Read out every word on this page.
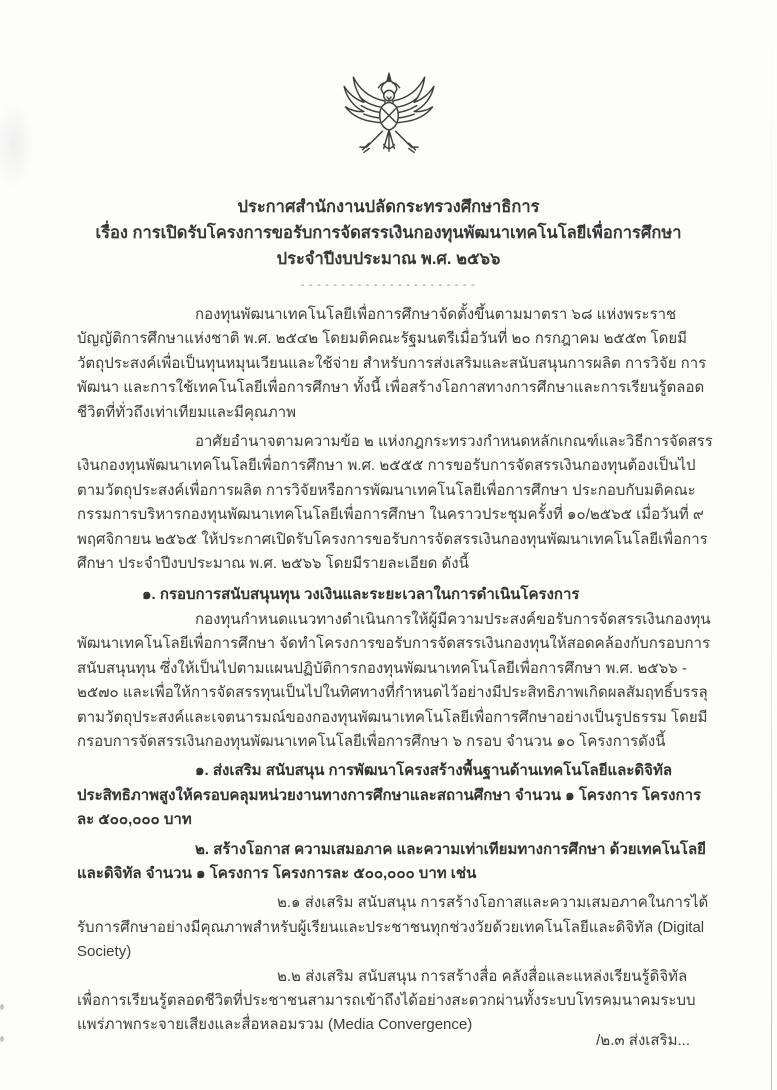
ประกาศสำนักงานปลัดกระทรวงศึกษาธิการ
เรื่อง การเปิดรับโครงการขอรับการจัดสรรเงินกองทุนพัฒนาเทคโนโลยีเพื่อการศึกษา
ประจำปีงบประมาณ พ.ศ. ๒๕๖๖
----------------------

กองทุนพัฒนาเทคโนโลยีเพื่อการศึกษาจัดตั้งขึ้นตามมาตรา ๖๘ แห่งพระราชบัญญัติการศึกษาแห่งชาติ พ.ศ. ๒๕๔๒ โดยมติคณะรัฐมนตรีเมื่อวันที่ ๒๐ กรกฎาคม ๒๕๕๓ โดยมีวัตถุประสงค์เพื่อเป็นทุนหมุนเวียนและใช้จ่าย สำหรับการส่งเสริมและสนับสนุนการผลิต การวิจัย การพัฒนา และการใช้เทคโนโลยีเพื่อการศึกษา ทั้งนี้ เพื่อสร้างโอกาสทางการศึกษาและการเรียนรู้ตลอดชีวิตที่ทั่วถึงเท่าเทียมและมีคุณภาพ

อาศัยอำนาจตามความข้อ ๒ แห่งกฎกระทรวงกำหนดหลักเกณฑ์และวิธีการจัดสรรเงินกองทุนพัฒนาเทคโนโลยีเพื่อการศึกษา พ.ศ. ๒๕๕๕ การขอรับการจัดสรรเงินกองทุนต้องเป็นไปตามวัตถุประสงค์เพื่อการผลิต การวิจัยหรือการพัฒนาเทคโนโลยีเพื่อการศึกษา ประกอบกับมติคณะกรรมการบริหารกองทุนพัฒนาเทคโนโลยีเพื่อการศึกษา ในคราวประชุมครั้งที่ ๑๐/๒๕๖๕ เมื่อวันที่ ๙ พฤศจิกายน ๒๕๖๕ ให้ประกาศเปิดรับโครงการขอรับการจัดสรรเงินกองทุนพัฒนาเทคโนโลยีเพื่อการศึกษา ประจำปีงบประมาณ พ.ศ. ๒๕๖๖ โดยมีรายละเอียด ดังนี้

๑. กรอบการสนับสนุนทุน วงเงินและระยะเวลาในการดำเนินโครงการ

กองทุนกำหนดแนวทางดำเนินการให้ผู้มีความประสงค์ขอรับการจัดสรรเงินกองทุนพัฒนาเทคโนโลยีเพื่อการศึกษา จัดทำโครงการขอรับการจัดสรรเงินกองทุนให้สอดคล้องกับกรอบการสนับสนุนทุน ซึ่งให้เป็นไปตามแผนปฏิบัติการกองทุนพัฒนาเทคโนโลยีเพื่อการศึกษา พ.ศ. ๒๕๖๖ - ๒๕๗๐ และเพื่อให้การจัดสรรทุนเป็นไปในทิศทางที่กำหนดไว้อย่างมีประสิทธิภาพเกิดผลสัมฤทธิ์บรรลุตามวัตถุประสงค์และเจตนารมณ์ของกองทุนพัฒนาเทคโนโลยีเพื่อการศึกษาอย่างเป็นรูปธรรม โดยมีกรอบการจัดสรรเงินกองทุนพัฒนาเทคโนโลยีเพื่อการศึกษา ๖ กรอบ จำนวน ๑๐ โครงการดังนี้

๑. ส่งเสริม สนับสนุน การพัฒนาโครงสร้างพื้นฐานด้านเทคโนโลยีและดิจิทัลประสิทธิภาพสูงให้ครอบคลุมหน่วยงานทางการศึกษาและสถานศึกษา จำนวน ๑ โครงการ โครงการละ ๕๐๐,๐๐๐ บาท

๒. สร้างโอกาส ความเสมอภาค และความเท่าเทียมทางการศึกษา ด้วยเทคโนโลยีและดิจิทัล จำนวน ๑ โครงการ โครงการละ ๕๐๐,๐๐๐ บาท เช่น

๒.๑ ส่งเสริม สนับสนุน การสร้างโอกาสและความเสมอภาคในการได้รับการศึกษาอย่างมีคุณภาพสำหรับผู้เรียนและประชาชนทุกช่วงวัยด้วยเทคโนโลยีและดิจิทัล (Digital Society)

๒.๒ ส่งเสริม สนับสนุน การสร้างสื่อ คลังสื่อและแหล่งเรียนรู้ดิจิทัล เพื่อการเรียนรู้ตลอดชีวิตที่ประชาชนสามารถเข้าถึงได้อย่างสะดวกผ่านทั้งระบบโทรคมนาคมระบบแพร่ภาพกระจายเสียงและสื่อหลอมรวม (Media Convergence)

/๒.๓ ส่งเสริม...
